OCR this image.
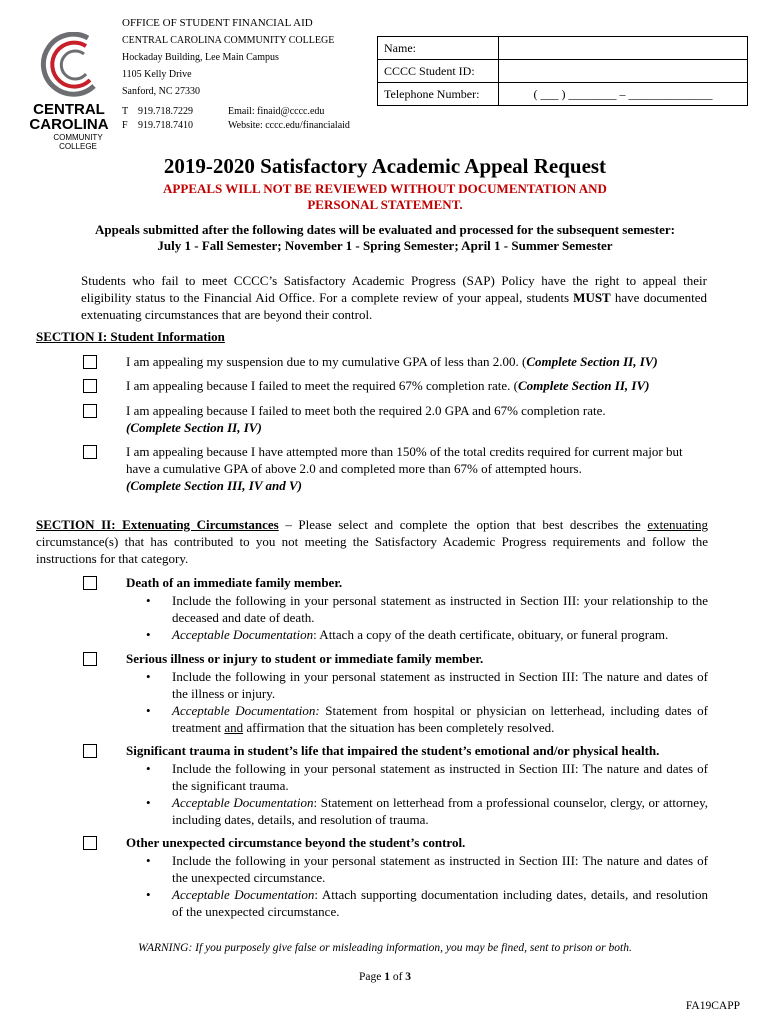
CENTRAL
CAROLINA
COMMUNITY
COLLEGE
OFFICE OF STUDENT FINANCIAL AID
CENTRAL CAROLINA COMMUNITY COLLEGE
Hockaday Building, Lee Main Campus
1105 Kelly Drive
Sanford, NC 27330
T 919.718.7229
F 919.718.7410
Email: finaid@cccc.edu
Website: cccc.edu/financialaid
Name:	
CCCC Student ID:	
Telephone Number:	( ___ ) ________ – ______________
2019-2020 Satisfactory Academic Appeal Request
APPEALS WILL NOT BE REVIEWED WITHOUT DOCUMENTATION AND
PERSONAL STATEMENT.
Appeals submitted after the following dates will be evaluated and processed for the subsequent semester:
July 1 - Fall Semester; November 1 - Spring Semester; April 1 - Summer Semester
Students who fail to meet CCCC’s Satisfactory Academic Progress (SAP) Policy have the right to appeal their eligibility status to the Financial Aid Office. For a complete review of your appeal, students MUST have documented extenuating circumstances that are beyond their control.
SECTION I: Student Information
I am appealing my suspension due to my cumulative GPA of less than 2.00. (Complete Section II, IV)
I am appealing because I failed to meet the required 67% completion rate. (Complete Section II, IV)
I am appealing because I failed to meet both the required 2.0 GPA and 67% completion rate.
(Complete Section II, IV)
I am appealing because I have attempted more than 150% of the total credits required for current major but have a cumulative GPA of above 2.0 and completed more than 67% of attempted hours.
(Complete Section III, IV and V)
SECTION II: Extenuating Circumstances – Please select and complete the option that best describes the extenuating circumstance(s) that has contributed to you not meeting the Satisfactory Academic Progress requirements and follow the instructions for that category.
Death of an immediate family member.
• Include the following in your personal statement as instructed in Section III: your relationship to the deceased and date of death.
• Acceptable Documentation: Attach a copy of the death certificate, obituary, or funeral program.
Serious illness or injury to student or immediate family member.
• Include the following in your personal statement as instructed in Section III: The nature and dates of the illness or injury.
• Acceptable Documentation: Statement from hospital or physician on letterhead, including dates of treatment and affirmation that the situation has been completely resolved.
Significant trauma in student’s life that impaired the student’s emotional and/or physical health.
• Include the following in your personal statement as instructed in Section III: The nature and dates of the significant trauma.
• Acceptable Documentation: Statement on letterhead from a professional counselor, clergy, or attorney, including dates, details, and resolution of trauma.
Other unexpected circumstance beyond the student’s control.
• Include the following in your personal statement as instructed in Section III: The nature and dates of the unexpected circumstance.
• Acceptable Documentation: Attach supporting documentation including dates, details, and resolution of the unexpected circumstance.
WARNING: If you purposely give false or misleading information, you may be fined, sent to prison or both.
Page 1 of 3
FA19CAPP
